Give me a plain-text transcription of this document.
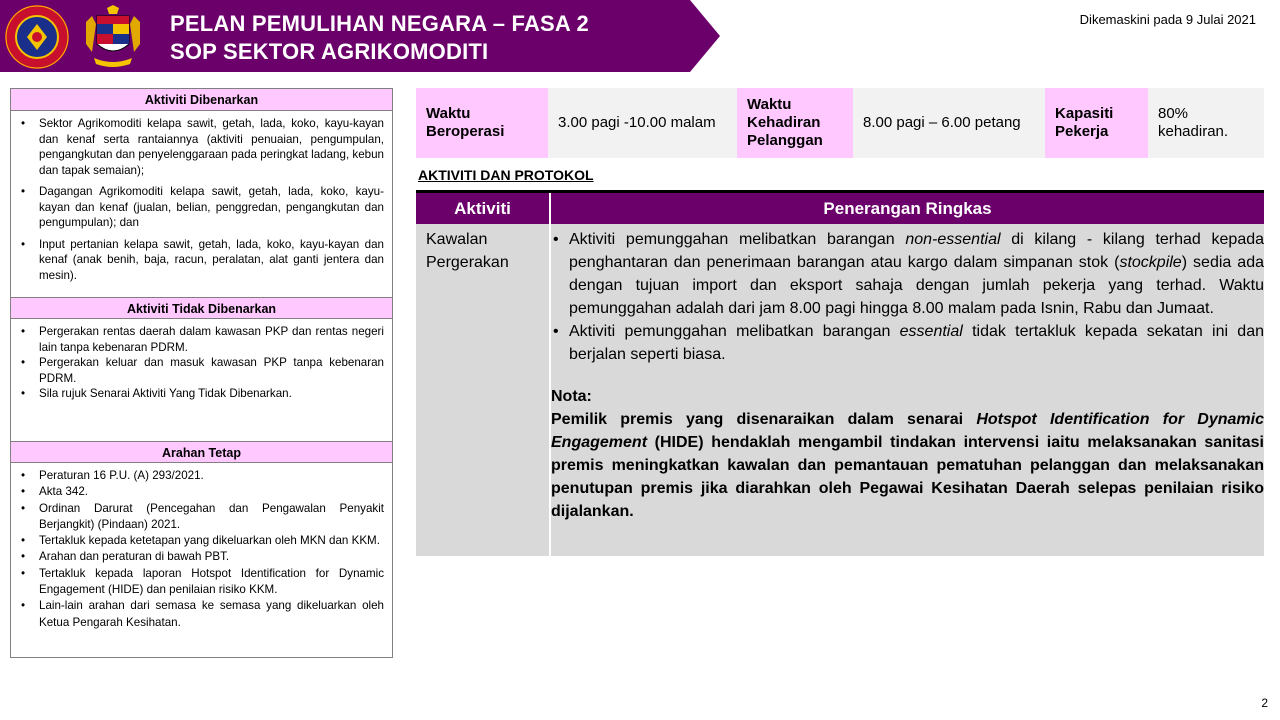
PELAN PEMULIHAN NEGARA – FASA 2
SOP SEKTOR AGRIKOMODITI
Dikemaskini pada 9 Julai 2021
2
Aktiviti Dibenarkan
• Sektor Agrikomoditi kelapa sawit, getah, lada, koko, kayu-kayan dan kenaf serta rantaiannya (aktiviti penuaian, pengumpulan, pengangkutan dan penyelenggaraan pada peringkat ladang, kebun dan tapak semaian);
• Dagangan Agrikomoditi kelapa sawit, getah, lada, koko, kayu-kayan dan kenaf (jualan, belian, penggredan, pengangkutan dan pengumpulan); dan
• Input pertanian kelapa sawit, getah, lada, koko, kayu-kayan dan kenaf (anak benih, baja, racun, peralatan, alat ganti jentera dan mesin).
Aktiviti Tidak Dibenarkan
• Pergerakan rentas daerah dalam kawasan PKP dan rentas negeri lain tanpa kebenaran PDRM.
• Pergerakan keluar dan masuk kawasan PKP tanpa kebenaran PDRM.
• Sila rujuk Senarai Aktiviti Yang Tidak Dibenarkan.
Arahan Tetap
• Peraturan 16 P.U. (A) 293/2021.
• Akta 342.
• Ordinan Darurat (Pencegahan dan Pengawalan Penyakit Berjangkit) (Pindaan) 2021.
• Tertakluk kepada ketetapan yang dikeluarkan oleh MKN dan KKM.
• Arahan dan peraturan di bawah PBT.
• Tertakluk kepada laporan Hotspot Identification for Dynamic Engagement (HIDE) dan penilaian risiko KKM.
• Lain-lain arahan dari semasa ke semasa yang dikeluarkan oleh Ketua Pengarah Kesihatan.
Waktu Beroperasi
3.00 pagi -10.00 malam
Waktu Kehadiran Pelanggan
8.00 pagi – 6.00 petang
Kapasiti Pekerja
80% kehadiran.
AKTIVITI DAN PROTOKOL
Aktiviti	Penerangan Ringkas
Kawalan Pergerakan
• Aktiviti pemunggahan melibatkan barangan non-essential di kilang - kilang terhad kepada penghantaran dan penerimaan barangan atau kargo dalam simpanan stok (stockpile) sedia ada dengan tujuan import dan eksport sahaja dengan jumlah pekerja yang terhad. Waktu pemunggahan adalah dari jam 8.00 pagi hingga 8.00 malam pada Isnin, Rabu dan Jumaat.
• Aktiviti pemunggahan melibatkan barangan essential tidak tertakluk kepada sekatan ini dan berjalan seperti biasa.
Nota:
Pemilik premis yang disenaraikan dalam senarai Hotspot Identification for Dynamic Engagement (HIDE) hendaklah mengambil tindakan intervensi iaitu melaksanakan sanitasi premis meningkatkan kawalan dan pemantauan pematuhan pelanggan dan melaksanakan penutupan premis jika diarahkan oleh Pegawai Kesihatan Daerah selepas penilaian risiko dijalankan.
